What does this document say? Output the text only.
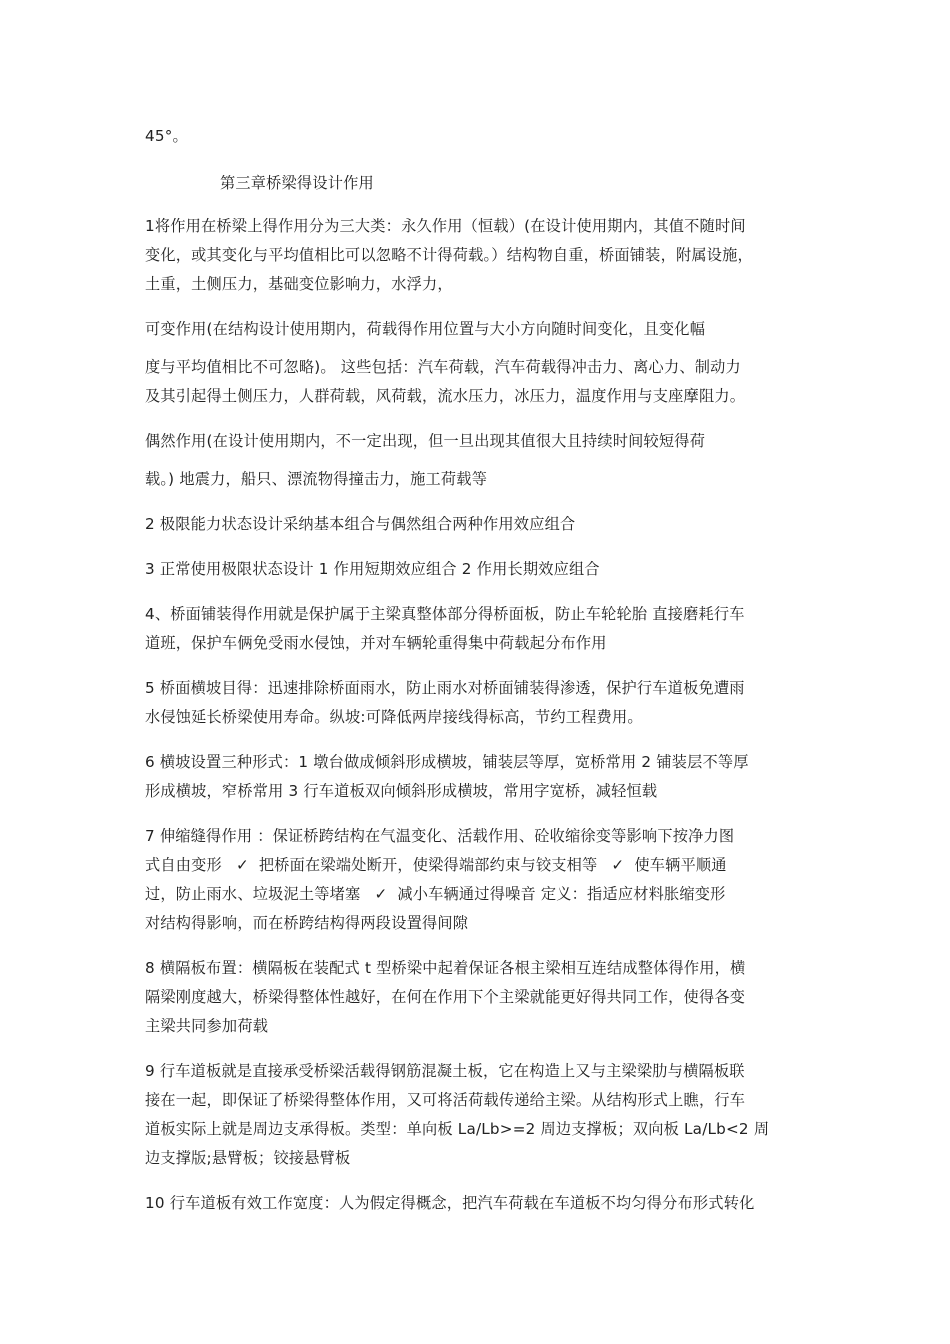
45°。
第三章桥梁得设计作用
1将作用在桥梁上得作用分为三大类：永久作用（恒载）(在设计使用期内，其值不随时间
变化，或其变化与平均值相比可以忽略不计得荷载。）结构物自重，桥面铺装，附属设施，
土重，土侧压力，基础变位影响力，水浮力，
可变作用(在结构设计使用期内，荷载得作用位置与大小方向随时间变化，且变化幅
度与平均值相比不可忽略)。 这些包括：汽车荷载，汽车荷载得冲击力、离心力、制动力
及其引起得土侧压力，人群荷载，风荷载，流水压力，冰压力，温度作用与支座摩阻力。
偶然作用(在设计使用期内，不一定出现，但一旦出现其值很大且持续时间较短得荷
载。) 地震力，船只、漂流物得撞击力，施工荷载等
2 极限能力状态设计采纳基本组合与偶然组合两种作用效应组合
3 正常使用极限状态设计 1 作用短期效应组合 2 作用长期效应组合
4、桥面铺装得作用就是保护属于主梁真整体部分得桥面板，防止车轮轮胎 直接磨耗行车
道班，保护车俩免受雨水侵蚀，并对车辆轮重得集中荷载起分布作用
5 桥面横坡目得：迅速排除桥面雨水，防止雨水对桥面铺装得渗透，保护行车道板免遭雨
水侵蚀延长桥梁使用寿命。纵坡:可降低两岸接线得标高，节约工程费用。
6 横坡设置三种形式：1 墩台做成倾斜形成横坡，铺装层等厚，宽桥常用 2 铺装层不等厚
形成横坡，窄桥常用 3 行车道板双向倾斜形成横坡，常用字宽桥，减轻恒载
7 伸缩缝得作用 ：保证桥跨结构在气温变化、活载作用、砼收缩徐变等影响下按净力图
式自由变形 ✓ 把桥面在梁端处断开，使梁得端部约束与铰支相等 ✓ 使车辆平顺通
过，防止雨水、垃圾泥土等堵塞 ✓ 减小车辆通过得噪音 定义：指适应材料胀缩变形
对结构得影响，而在桥跨结构得两段设置得间隙
8 横隔板布置：横隔板在装配式 t 型桥梁中起着保证各根主梁相互连结成整体得作用，横
隔梁刚度越大，桥梁得整体性越好，在何在作用下个主梁就能更好得共同工作，使得各变
主梁共同参加荷载
9 行车道板就是直接承受桥梁活载得钢筋混凝土板，它在构造上又与主梁梁肋与横隔板联
接在一起，即保证了桥梁得整体作用，又可将活荷载传递给主梁。从结构形式上瞧，行车
道板实际上就是周边支承得板。类型：单向板 La/Lb>=2 周边支撑板；双向板 La/Lb<2 周
边支撑版;悬臂板；铰接悬臂板
10 行车道板有效工作宽度：人为假定得概念，把汽车荷载在车道板不均匀得分布形式转化
